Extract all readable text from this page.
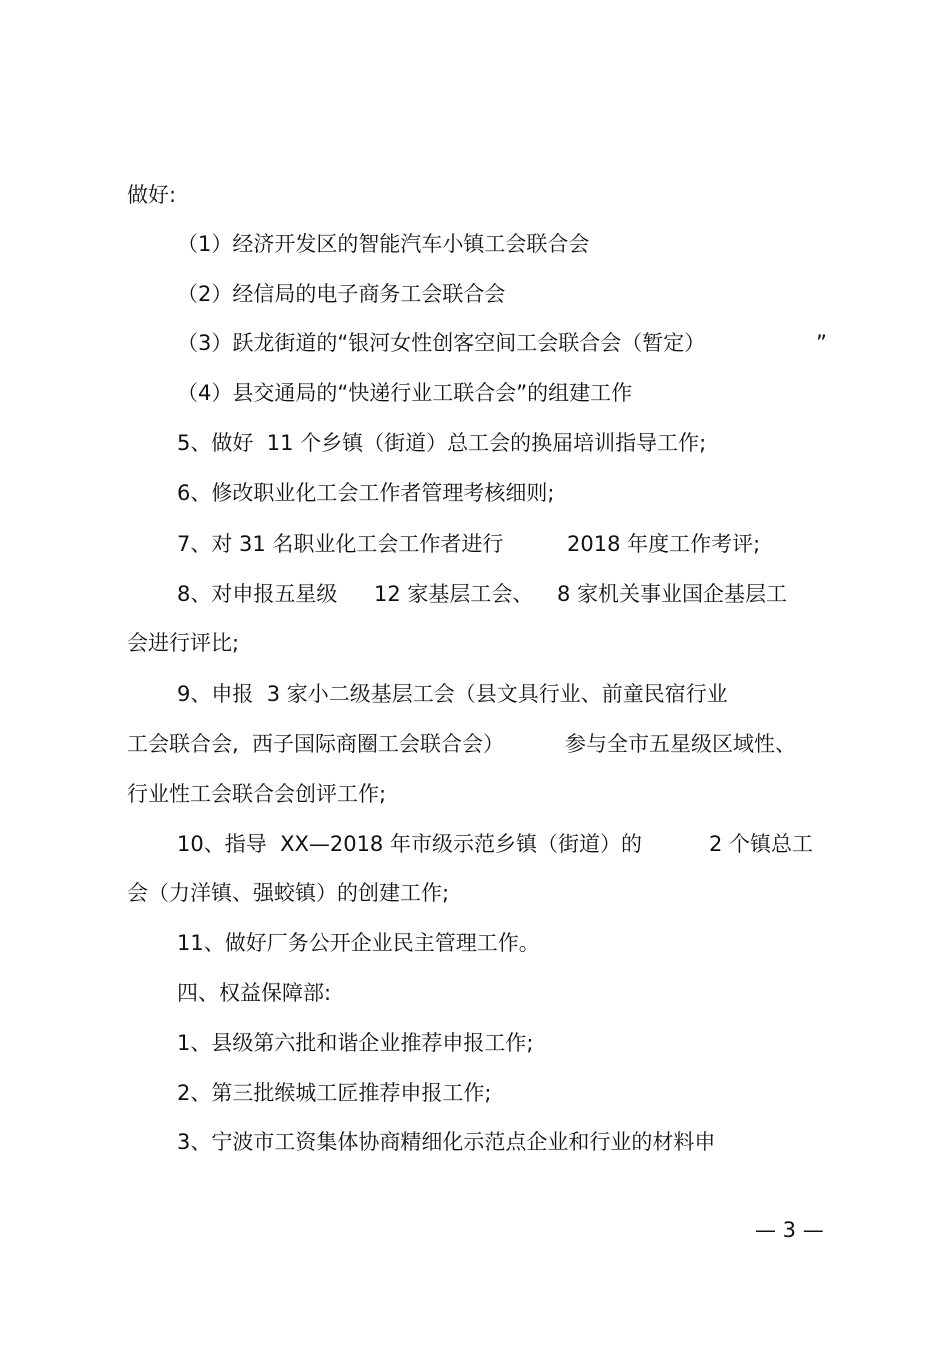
做好:

（1）经济开发区的智能汽车小镇工会联合会

（2）经信局的电子商务工会联合会

（3）跃龙街道的“银河女性创客空间工会联合会（暂定）

	”

（4）县交通局的“快递行业工联合会”的组建工作

5、做好  11 个乡镇（街道）总工会的换届培训指导工作;

6、修改职业化工会工作者管理考核细则;

7、对 31 名职业化工会工作者进行

	2018 年度工作考评;

8、对申报五星级

12 家基层工会、

8 家机关事业国企基层工

会进行评比;

9、申报  3 家小二级基层工会（县文具行业、前童民宿行业

工会联合会,  西子国际商圈工会联合会）

	参与全市五星级区域性、

行业性工会联合会创评工作;

10、指导  XX—2018 年市级示范乡镇（街道）的

	2 个镇总工

会（力洋镇、强蛟镇）的创建工作;

11、做好厂务公开企业民主管理工作。

四、权益保障部:

1、县级第六批和谐企业推荐申报工作;

2、第三批缑城工匠推荐申报工作;

3、宁波市工资集体协商精细化示范点企业和行业的材料申

— 3 —
